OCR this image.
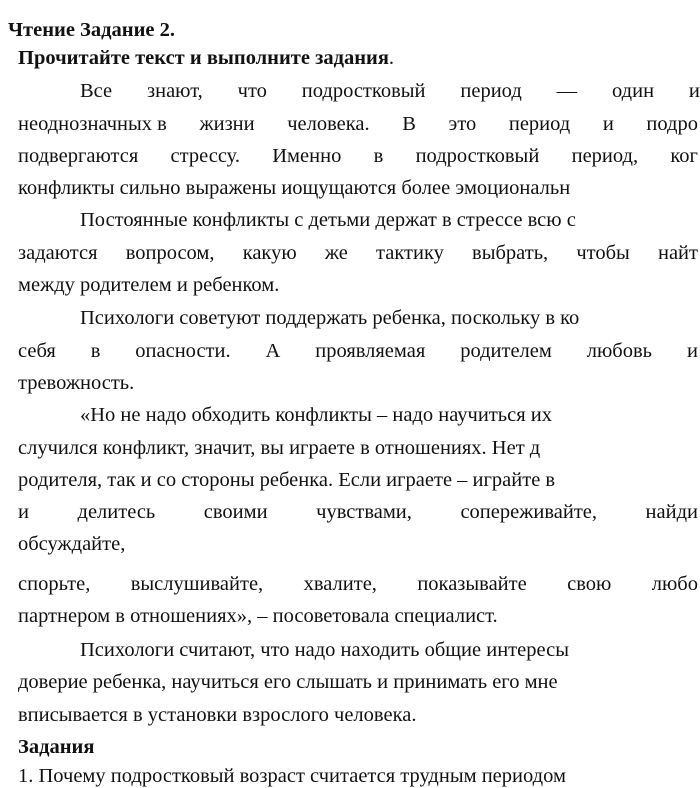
Чтение Задание 2.
Прочитайте текст и выполните задания.
Все знают, что подростковый период — один и
неоднозначных в жизни человека. В это период и подро
подвергаются стрессу. Именно в подростковый период, ког
конфликты сильно выражены иощущаются более эмоциональн
Постоянные конфликты с детьми держат в стрессе всю с
задаются вопросом, какую же тактику выбрать, чтобы найт
между родителем и ребенком.
Психологи советуют поддержать ребенка, поскольку в ко
себя в опасности. А проявляемая родителем любовь и
тревожность.
«Но не надо обходить конфликты – надо научиться их
случился конфликт, значит, вы играете в отношениях. Нет д
родителя, так и со стороны ребенка. Если играете – играйте в
и делитесь своими чувствами, сопереживайте, найди
обсуждайте,
спорьте, выслушивайте, хвалите, показывайте свою любо
партнером в отношениях», – посоветовала специалист.
Психологи считают, что надо находить общие интересы
доверие ребенка, научиться его слышать и принимать его мне
вписывается в установки взрослого человека.
Задания
1. Почему подростковый возраст считается трудным периодом
